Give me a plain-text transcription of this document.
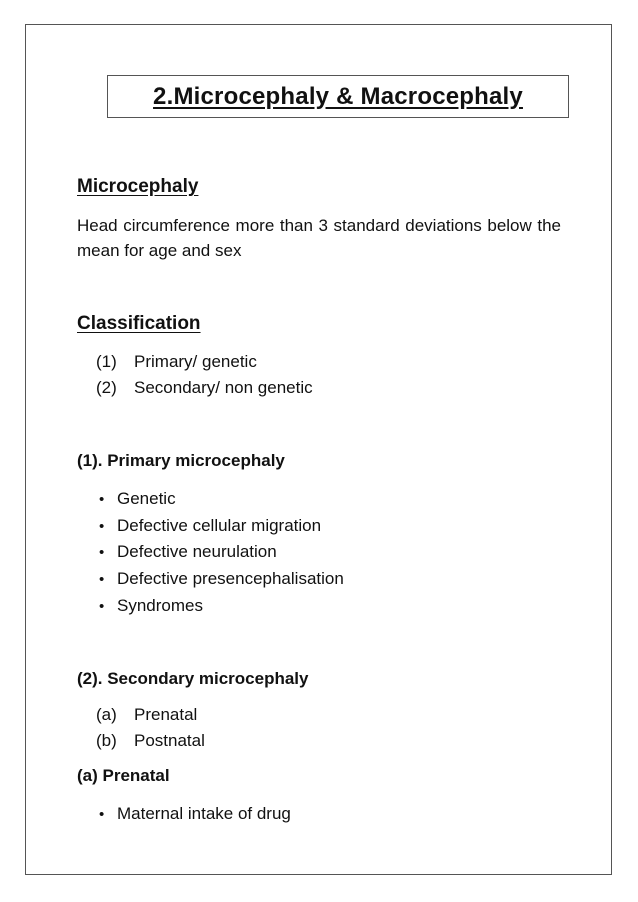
2.Microcephaly & Macrocephaly
Microcephaly
Head circumference more than 3 standard deviations below the mean for age and sex
Classification
(1)	Primary/ genetic
(2)	Secondary/ non genetic
(1). Primary microcephaly
• Genetic
• Defective cellular migration
• Defective neurulation
• Defective presencephalisation
• Syndromes
(2). Secondary microcephaly
(a)	Prenatal
(b)	Postnatal
(a) Prenatal
• Maternal intake of drug
